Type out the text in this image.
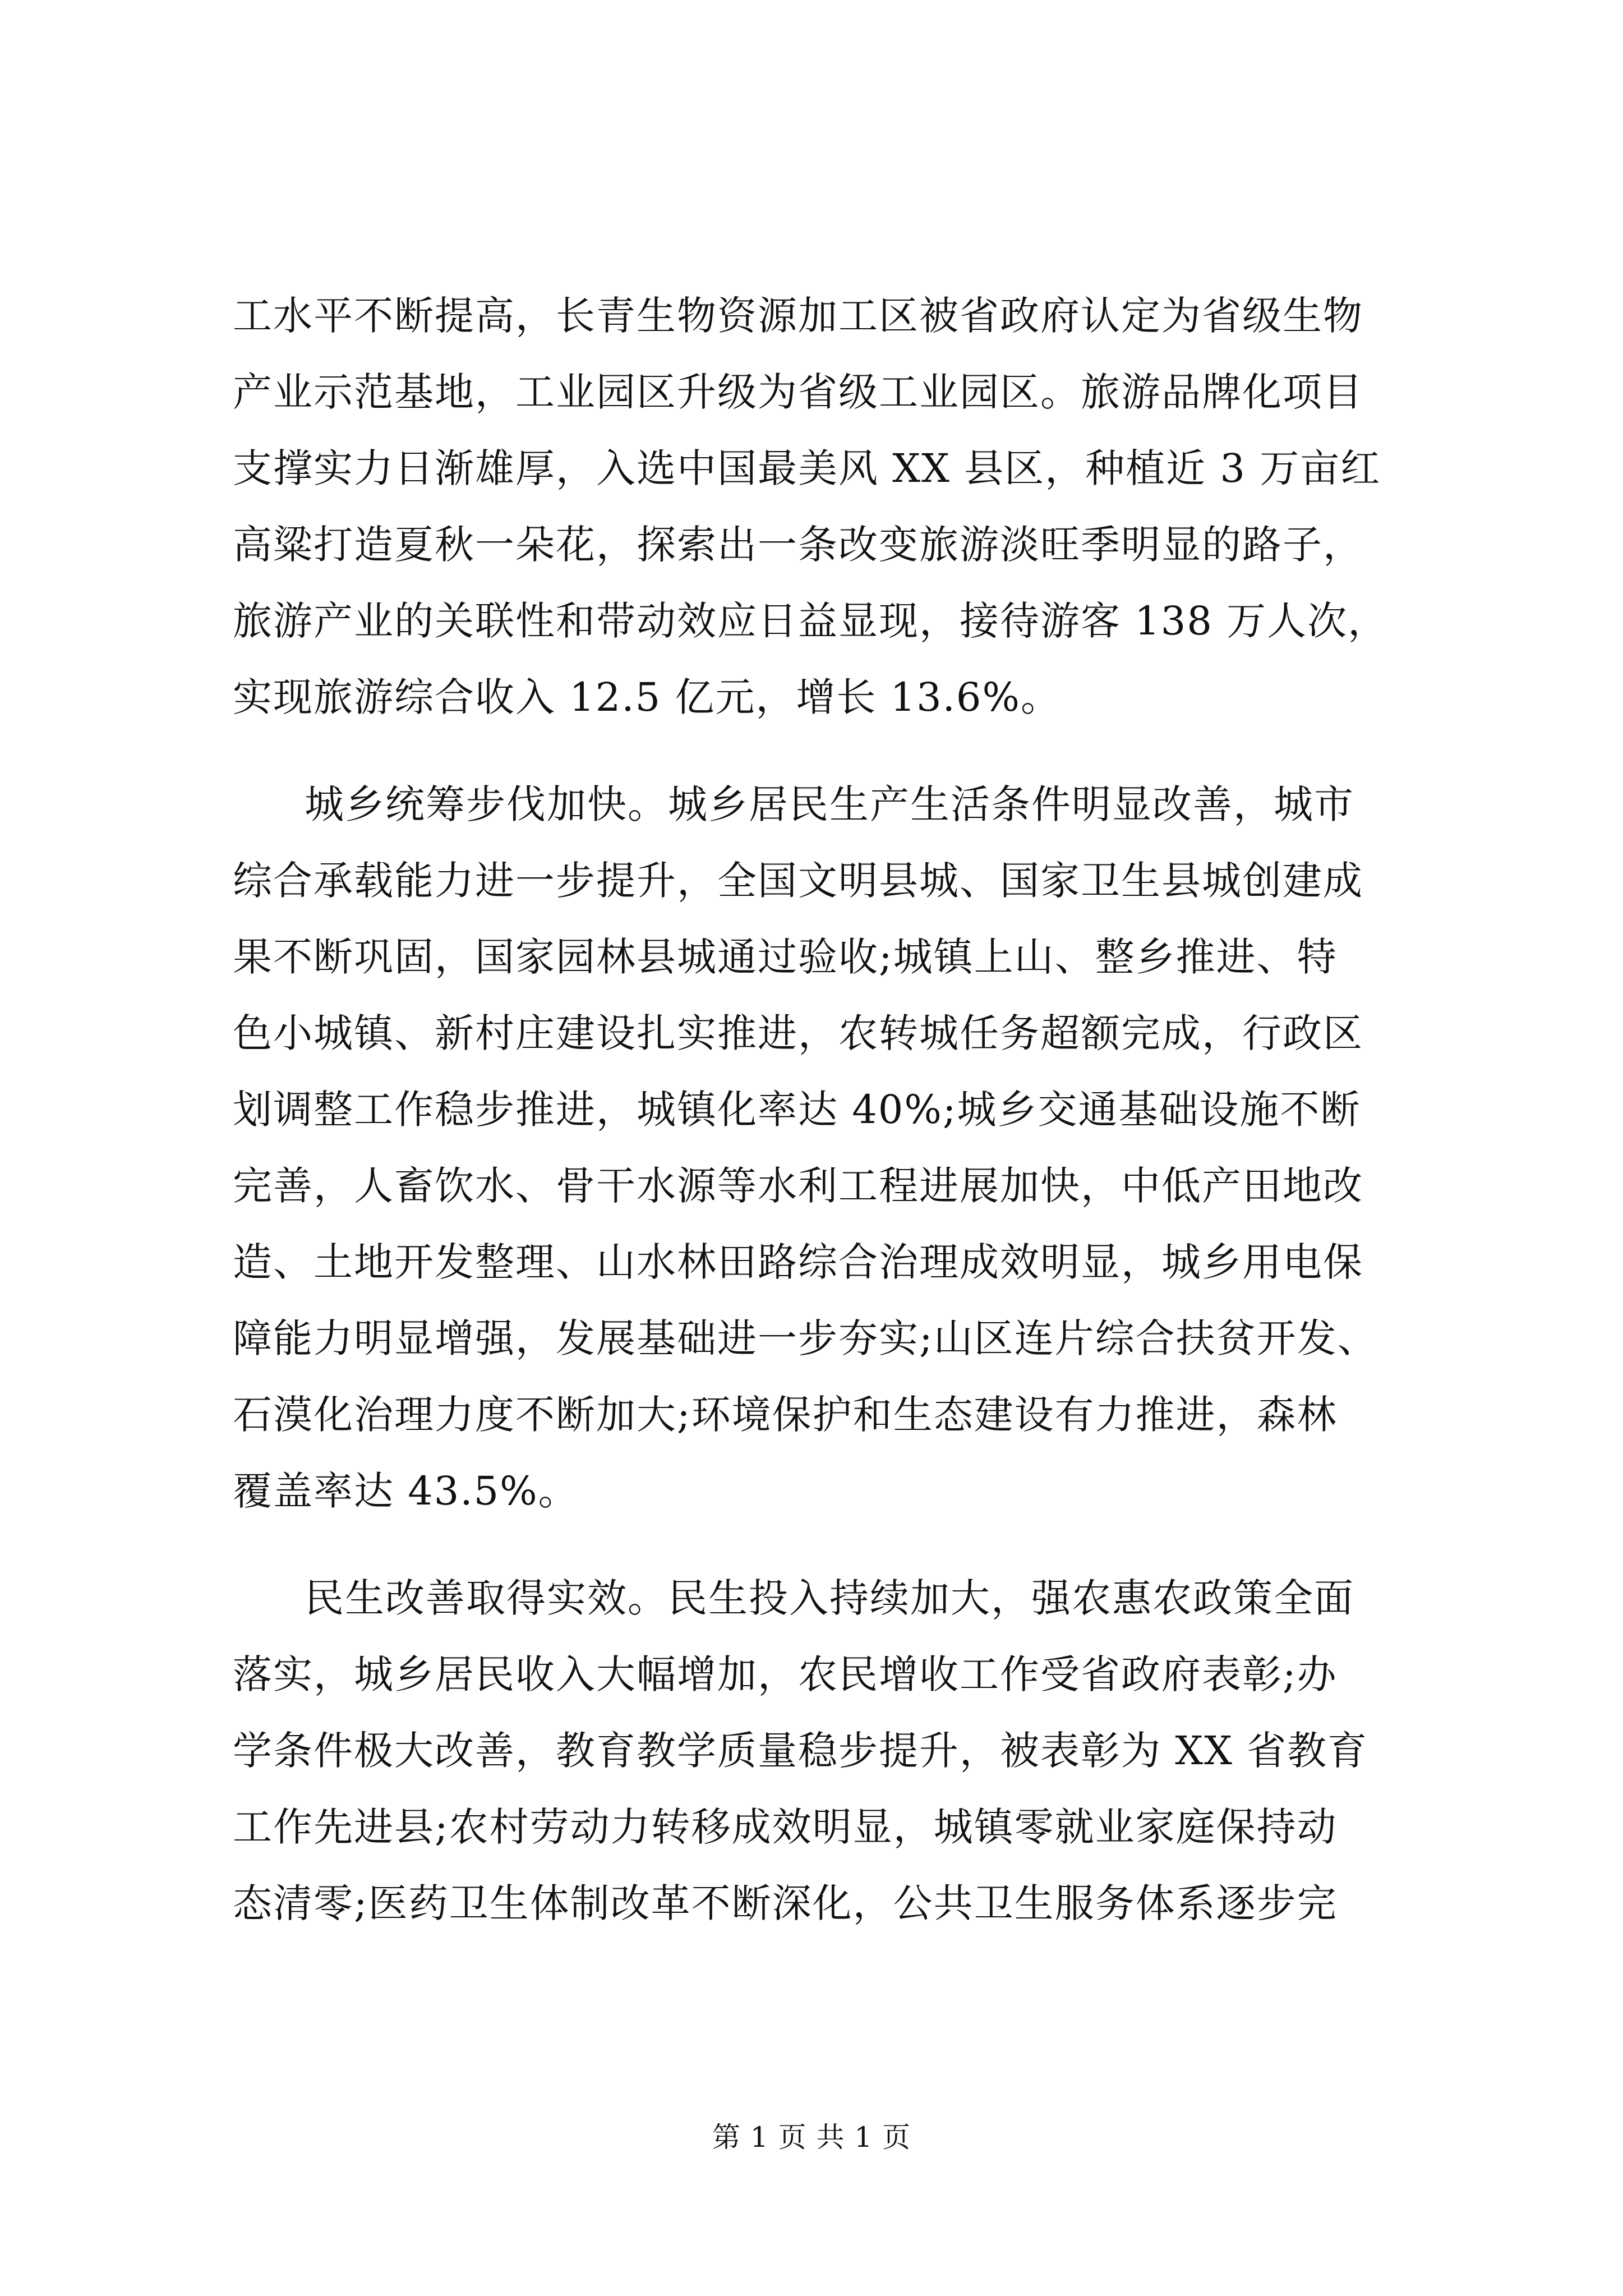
工水平不断提高，长青生物资源加工区被省政府认定为省级生物
产业示范基地，工业园区升级为省级工业园区。旅游品牌化项目
支撑实力日渐雄厚，入选中国最美风 XX 县区，种植近 3 万亩红
高粱打造夏秋一朵花，探索出一条改变旅游淡旺季明显的路子，
旅游产业的关联性和带动效应日益显现，接待游客 138 万人次，
实现旅游综合收入 12.5 亿元，增长 13.6%。
城乡统筹步伐加快。城乡居民生产生活条件明显改善，城市
综合承载能力进一步提升，全国文明县城、国家卫生县城创建成
果不断巩固，国家园林县城通过验收;城镇上山、整乡推进、特
色小城镇、新村庄建设扎实推进，农转城任务超额完成，行政区
划调整工作稳步推进，城镇化率达 40%;城乡交通基础设施不断
完善，人畜饮水、骨干水源等水利工程进展加快，中低产田地改
造、土地开发整理、山水林田路综合治理成效明显，城乡用电保
障能力明显增强，发展基础进一步夯实;山区连片综合扶贫开发、
石漠化治理力度不断加大;环境保护和生态建设有力推进，森林
覆盖率达 43.5%。
民生改善取得实效。民生投入持续加大，强农惠农政策全面
落实，城乡居民收入大幅增加，农民增收工作受省政府表彰;办
学条件极大改善，教育教学质量稳步提升，被表彰为 XX 省教育
工作先进县;农村劳动力转移成效明显，城镇零就业家庭保持动
态清零;医药卫生体制改革不断深化，公共卫生服务体系逐步完
第 1 页 共 1 页
